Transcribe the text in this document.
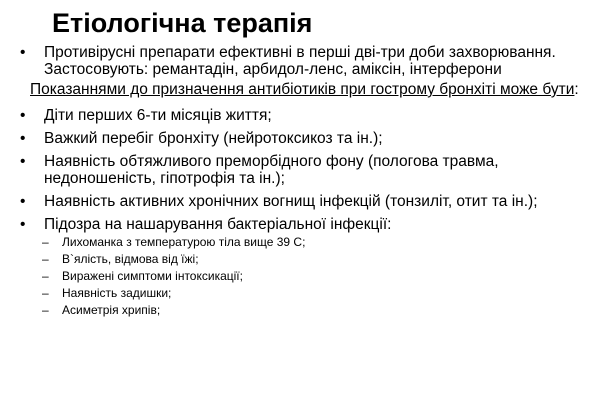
Етіологічна терапія
• Противірусні препарати ефективні в перші дві-три доби захворювання. Застосовують: ремантадін, арбидол-ленс, аміксін, інтерферони
Показаннями до призначення антибіотиків при гострому бронхіті може бути:
• Діти перших 6-ти місяців життя;
• Важкий перебіг бронхіту (нейротоксикоз та ін.);
• Наявність обтяжливого преморбідного фону (пологова травма, недоношеність, гіпотрофія та ін.);
• Наявність активних хронічних вогнищ інфекцій (тонзиліт, отит та ін.);
• Підозра на нашарування бактеріальної інфекції:
– Лихоманка з температурою тіла вище 39 С;
– В`ялість, відмова від їжі;
– Виражені симптоми інтоксикації;
– Наявність задишки;
– Асиметрія хрипів;
